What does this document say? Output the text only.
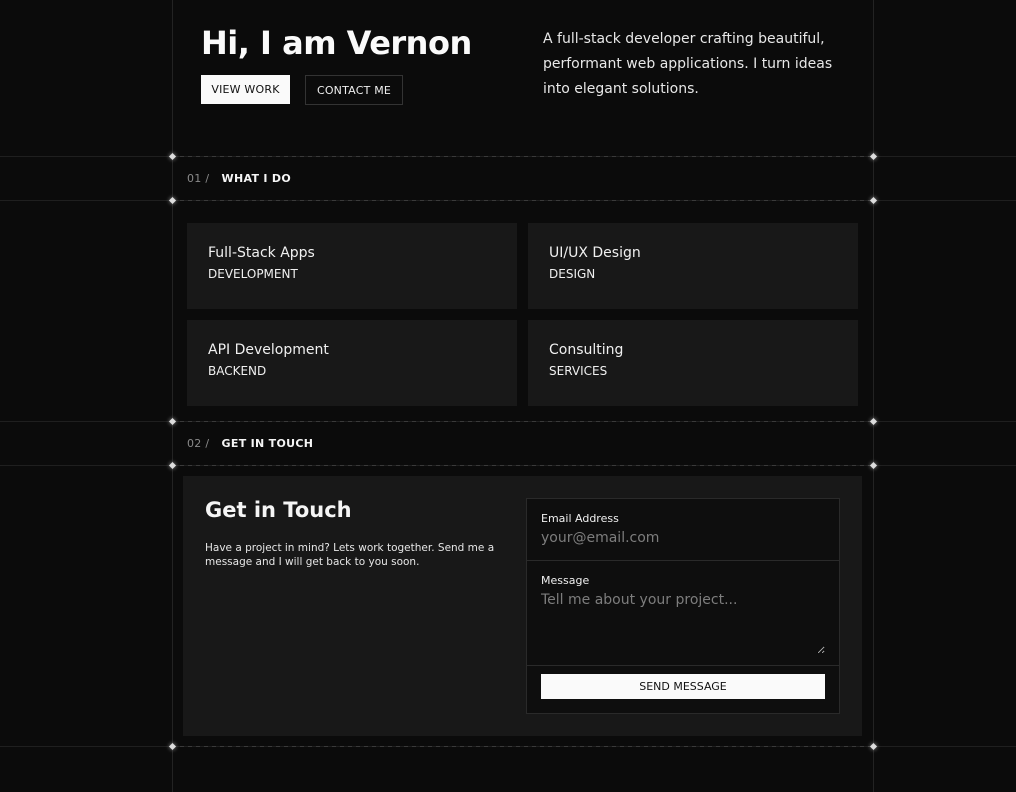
Hi, I am Vernon
VIEW WORK	CONTACT ME

A full-stack developer crafting beautiful, performant web applications. I turn ideas into elegant solutions.

01 / WHAT I DO
Full-Stack Apps
DEVELOPMENT
UI/UX Design
DESIGN
API Development
BACKEND
Consulting
SERVICES
02 / GET IN TOUCH
Get in Touch

Have a project in mind? Lets work together. Send me a message and I will get back to you soon.

Email Address
your@email.com
Message
Tell me about your project...
SEND MESSAGE
